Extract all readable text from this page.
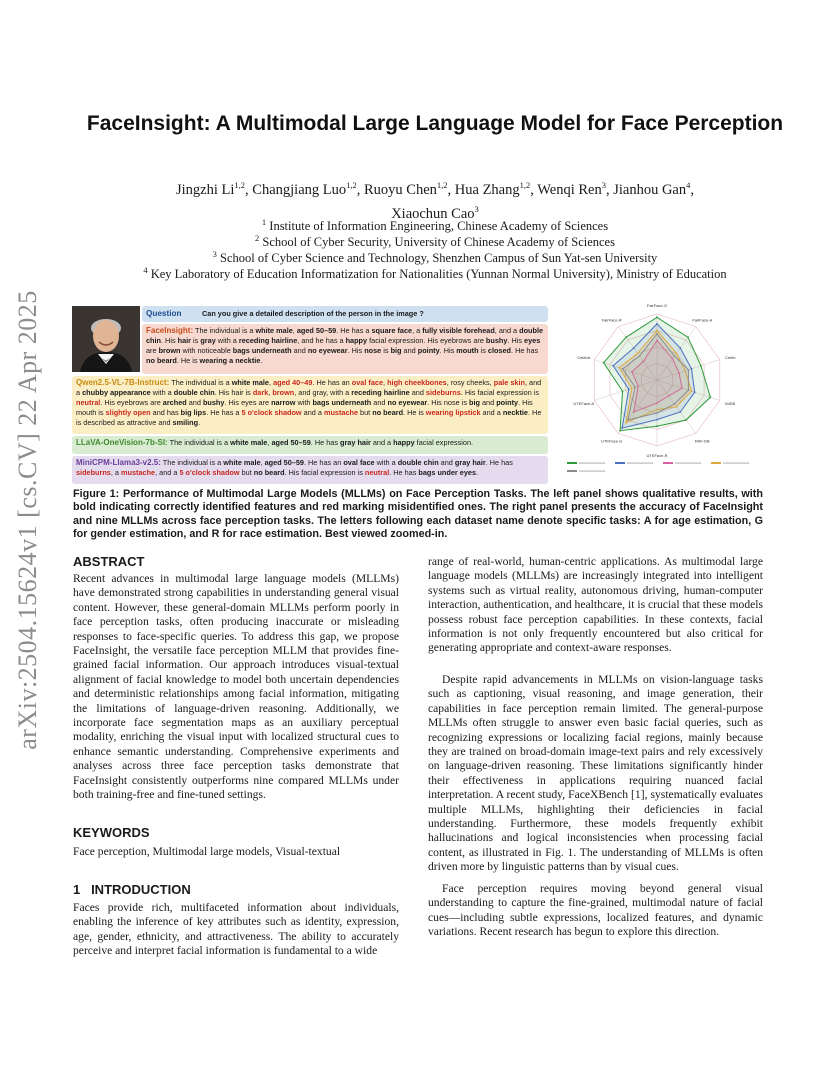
arXiv:2504.15624v1 [cs.CV] 22 Apr 2025
FaceInsight: A Multimodal Large Language Model for Face Perception
Jingzhi Li$^{1,2}$, Changjiang Luo$^{1,2}$, Ruoyu Chen$^{1,2}$, Hua Zhang$^{1,2}$, Wenqi Ren$^3$, Jianhou Gan$^4$,
Xiaochun Cao$^3$
$^1$ Institute of Information Engineering, Chinese Academy of Sciences
$^2$ School of Cyber Security, University of Chinese Academy of Sciences
$^3$ School of Cyber Science and Technology, Shenzhen Campus of Sun Yat-sen University
$^4$ Key Laboratory of Education Informatization for Nationalities (Yunnan Normal University), Ministry of Education
Question	Can you give a detailed description of the person in the image ?
FaceInsight: The individual is a white male, aged 50–59. He has a square face, a fully visible forehead, and a double chin. His hair is gray with a receding hairline, and he has a happy facial expression. His eyebrows are bushy. His eyes are brown with noticeable bags underneath and no eyewear. His nose is big and pointy. His mouth is closed. He has no beard. He is wearing a necktie.
Qwen2.5-VL-7B-Instruct: The individual is a white male, aged 40–49. He has an oval face, high cheekbones, rosy cheeks, pale skin, and a chubby appearance with a double chin. His hair is dark, brown, and gray, with a receding hairline and sideburns. His facial expression is neutral. His eyebrows are arched and bushy. His eyes are narrow with bags underneath and no eyewear. His nose is big and pointy. His mouth is slightly open and has big lips. He has a 5 o'clock shadow and a mustache but no beard. He is wearing lipstick and a necktie. He is described as attractive and smiling.
LLaVA-OneVision-7b-SI: The individual is a white male, aged 50–59. He has gray hair and a happy facial expression.
MiniCPM-Llama3-v2.5: The individual is a white male, aged 50–59. He has an oval face with a double chin and gray hair. He has sideburns, a mustache, and a 5 o'clock shadow but no beard. His facial expression is neutral. He has bags under eyes.
FairFace-G
FairFace-A
Celeb
IMDB
RAF-DB
UTKFace-R
UTKFace-G
UTKFace-A
CelebA
FairFace-R
Figure 1: Performance of Multimodal Large Models (MLLMs) on Face Perception Tasks. The left panel shows qualitative results, with bold indicating correctly identified features and red marking misidentified ones. The right panel presents the accuracy of FaceInsight and nine MLLMs across face perception tasks. The letters following each dataset name denote specific tasks: A for age estimation, G for gender estimation, and R for race estimation. Best viewed zoomed-in.
ABSTRACT
Recent advances in multimodal large language models (MLLMs) have demonstrated strong capabilities in understanding general visual content. However, these general-domain MLLMs perform poorly in face perception tasks, often producing inaccurate or misleading responses to face-specific queries. To address this gap, we propose FaceInsight, the versatile face perception MLLM that provides fine-grained facial information. Our approach introduces visual-textual alignment of facial knowledge to model both uncertain dependencies and deterministic relationships among facial information, mitigating the limitations of language-driven reasoning. Additionally, we incorporate face segmentation maps as an auxiliary perceptual modality, enriching the visual input with localized structural cues to enhance semantic understanding. Comprehensive experiments and analyses across three face perception tasks demonstrate that FaceInsight consistently outperforms nine compared MLLMs under both training-free and fine-tuned settings.
KEYWORDS
Face perception, Multimodal large models, Visual-textual
1   INTRODUCTION
Faces provide rich, multifaceted information about individuals, enabling the inference of key attributes such as identity, expression, age, gender, ethnicity, and attractiveness. The ability to accurately perceive and interpret facial information is fundamental to a wide
range of real-world, human-centric applications. As multimodal large language models (MLLMs) are increasingly integrated into intelligent systems such as virtual reality, autonomous driving, human-computer interaction, authentication, and healthcare, it is crucial that these models possess robust face perception capabilities. In these contexts, facial information is not only frequently encountered but also critical for generating appropriate and context-aware responses.
Despite rapid advancements in MLLMs on vision-language tasks such as captioning, visual reasoning, and image generation, their capabilities in face perception remain limited. The general-purpose MLLMs often struggle to answer even basic facial queries, such as recognizing expressions or localizing facial regions, mainly because they are trained on broad-domain image-text pairs and rely excessively on language-driven reasoning. These limitations significantly hinder their effectiveness in applications requiring nuanced facial interpretation. A recent study, FaceXBench [1], systematically evaluates multiple MLLMs, highlighting their deficiencies in facial understanding. Furthermore, these models frequently exhibit hallucinations and logical inconsistencies when processing facial content, as illustrated in Fig. 1. The understanding of MLLMs is often driven more by linguistic patterns than by visual cues.
Face perception requires moving beyond general visual understanding to capture the fine-grained, multimodal nature of facial cues—including subtle expressions, localized features, and dynamic variations. Recent research has begun to explore this direction.
